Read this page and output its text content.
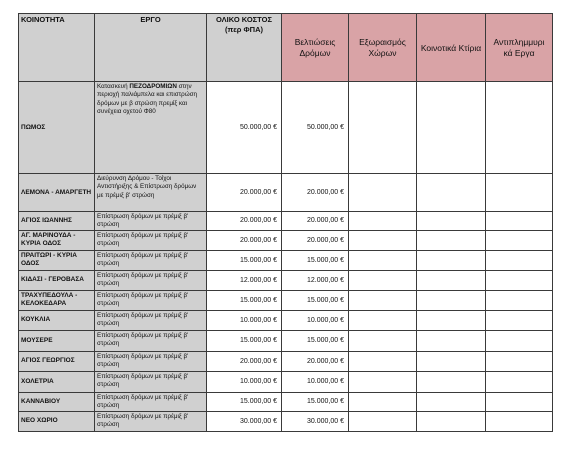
ΚΟΙΝΟΤΗΤΑ	ΕΡΓΟ	ΟΛΙΚΟ ΚΟΣΤΟΣ (περ ΦΠΑ)	Βελτιώσεις Δρόμων	Εξωραισμός Χώρων	Κοινοτικά Κτίρια	Αντιπλημμυρι κά Εργα
ΠΩΜΟΣ	Κατασκευή ΠΕΖΟΔΡΟΜΙΩΝ στην περιοχή παλιάμπελα και επιστρώση δρόμων με β στρώση πρεμίξ και συνέχεια οχετού Φ80	50.000,00 €	50.000,00 €			
ΛΕΜΟΝΑ - ΑΜΑΡΓΕΤΗ	Διεύρυνση Δρόμου - Τοίχοι Αντιστήριξης & Επίστρωση δρόμων με πρέμιξ β' στρώση	20.000,00 €	20.000,00 €			
ΑΓΙΟΣ ΙΩΑΝΝΗΣ	Επίστρωση δρόμων με πρέμιξ β' στρώση	20.000,00 €	20.000,00 €			
ΑΓ. ΜΑΡΙΝΟΥΔΑ - ΚΥΡΙΑ ΟΔΟΣ	Επίστρωση δρόμων με πρέμιξ β' στρώση	20.000,00 €	20.000,00 €			
ΠΡΑΙΤΩΡΙ - ΚΥΡΙΑ ΟΔΟΣ	Επίστρωση δρόμων με πρέμιξ β' στρώση	15.000,00 €	15.000,00 €			
ΚΙΔΑΣΙ - ΓΕΡΟΒΑΣΑ	Επίστρωση δρόμων με πρέμιξ β' στρώση	12.000,00 €	12.000,00 €			
ΤΡΑΧΥΠΕΔΟΥΛΑ - ΚΕΛΟΚΕΔΑΡΑ	Επίστρωση δρόμων με πρέμιξ β' στρώση	15.000,00 €	15.000,00 €			
ΚΟΥΚΛΙΑ	Επίστρωση δρόμων με πρέμιξ β' στρώση	10.000,00 €	10.000,00 €			
ΜΟΥΣΕΡΕ	Επίστρωση δρόμων με πρέμιξ β' στρώση	15.000,00 €	15.000,00 €			
ΑΓΙΟΣ ΓΕΩΡΓΙΟΣ	Επίστρωση δρόμων με πρέμιξ β' στρώση	20.000,00 €	20.000,00 €			
ΧΟΛΕΤΡΙΑ	Επίστρωση δρόμων με πρέμιξ β' στρώση	10.000,00 €	10.000,00 €			
ΚΑΝΝΑΒΙΟΥ	Επίστρωση δρόμων με πρέμιξ β' στρώση	15.000,00 €	15.000,00 €			
ΝΕΟ ΧΩΡΙΟ	Επίστρωση δρόμων με πρέμιξ β' στρώση	30.000,00 €	30.000,00 €			
